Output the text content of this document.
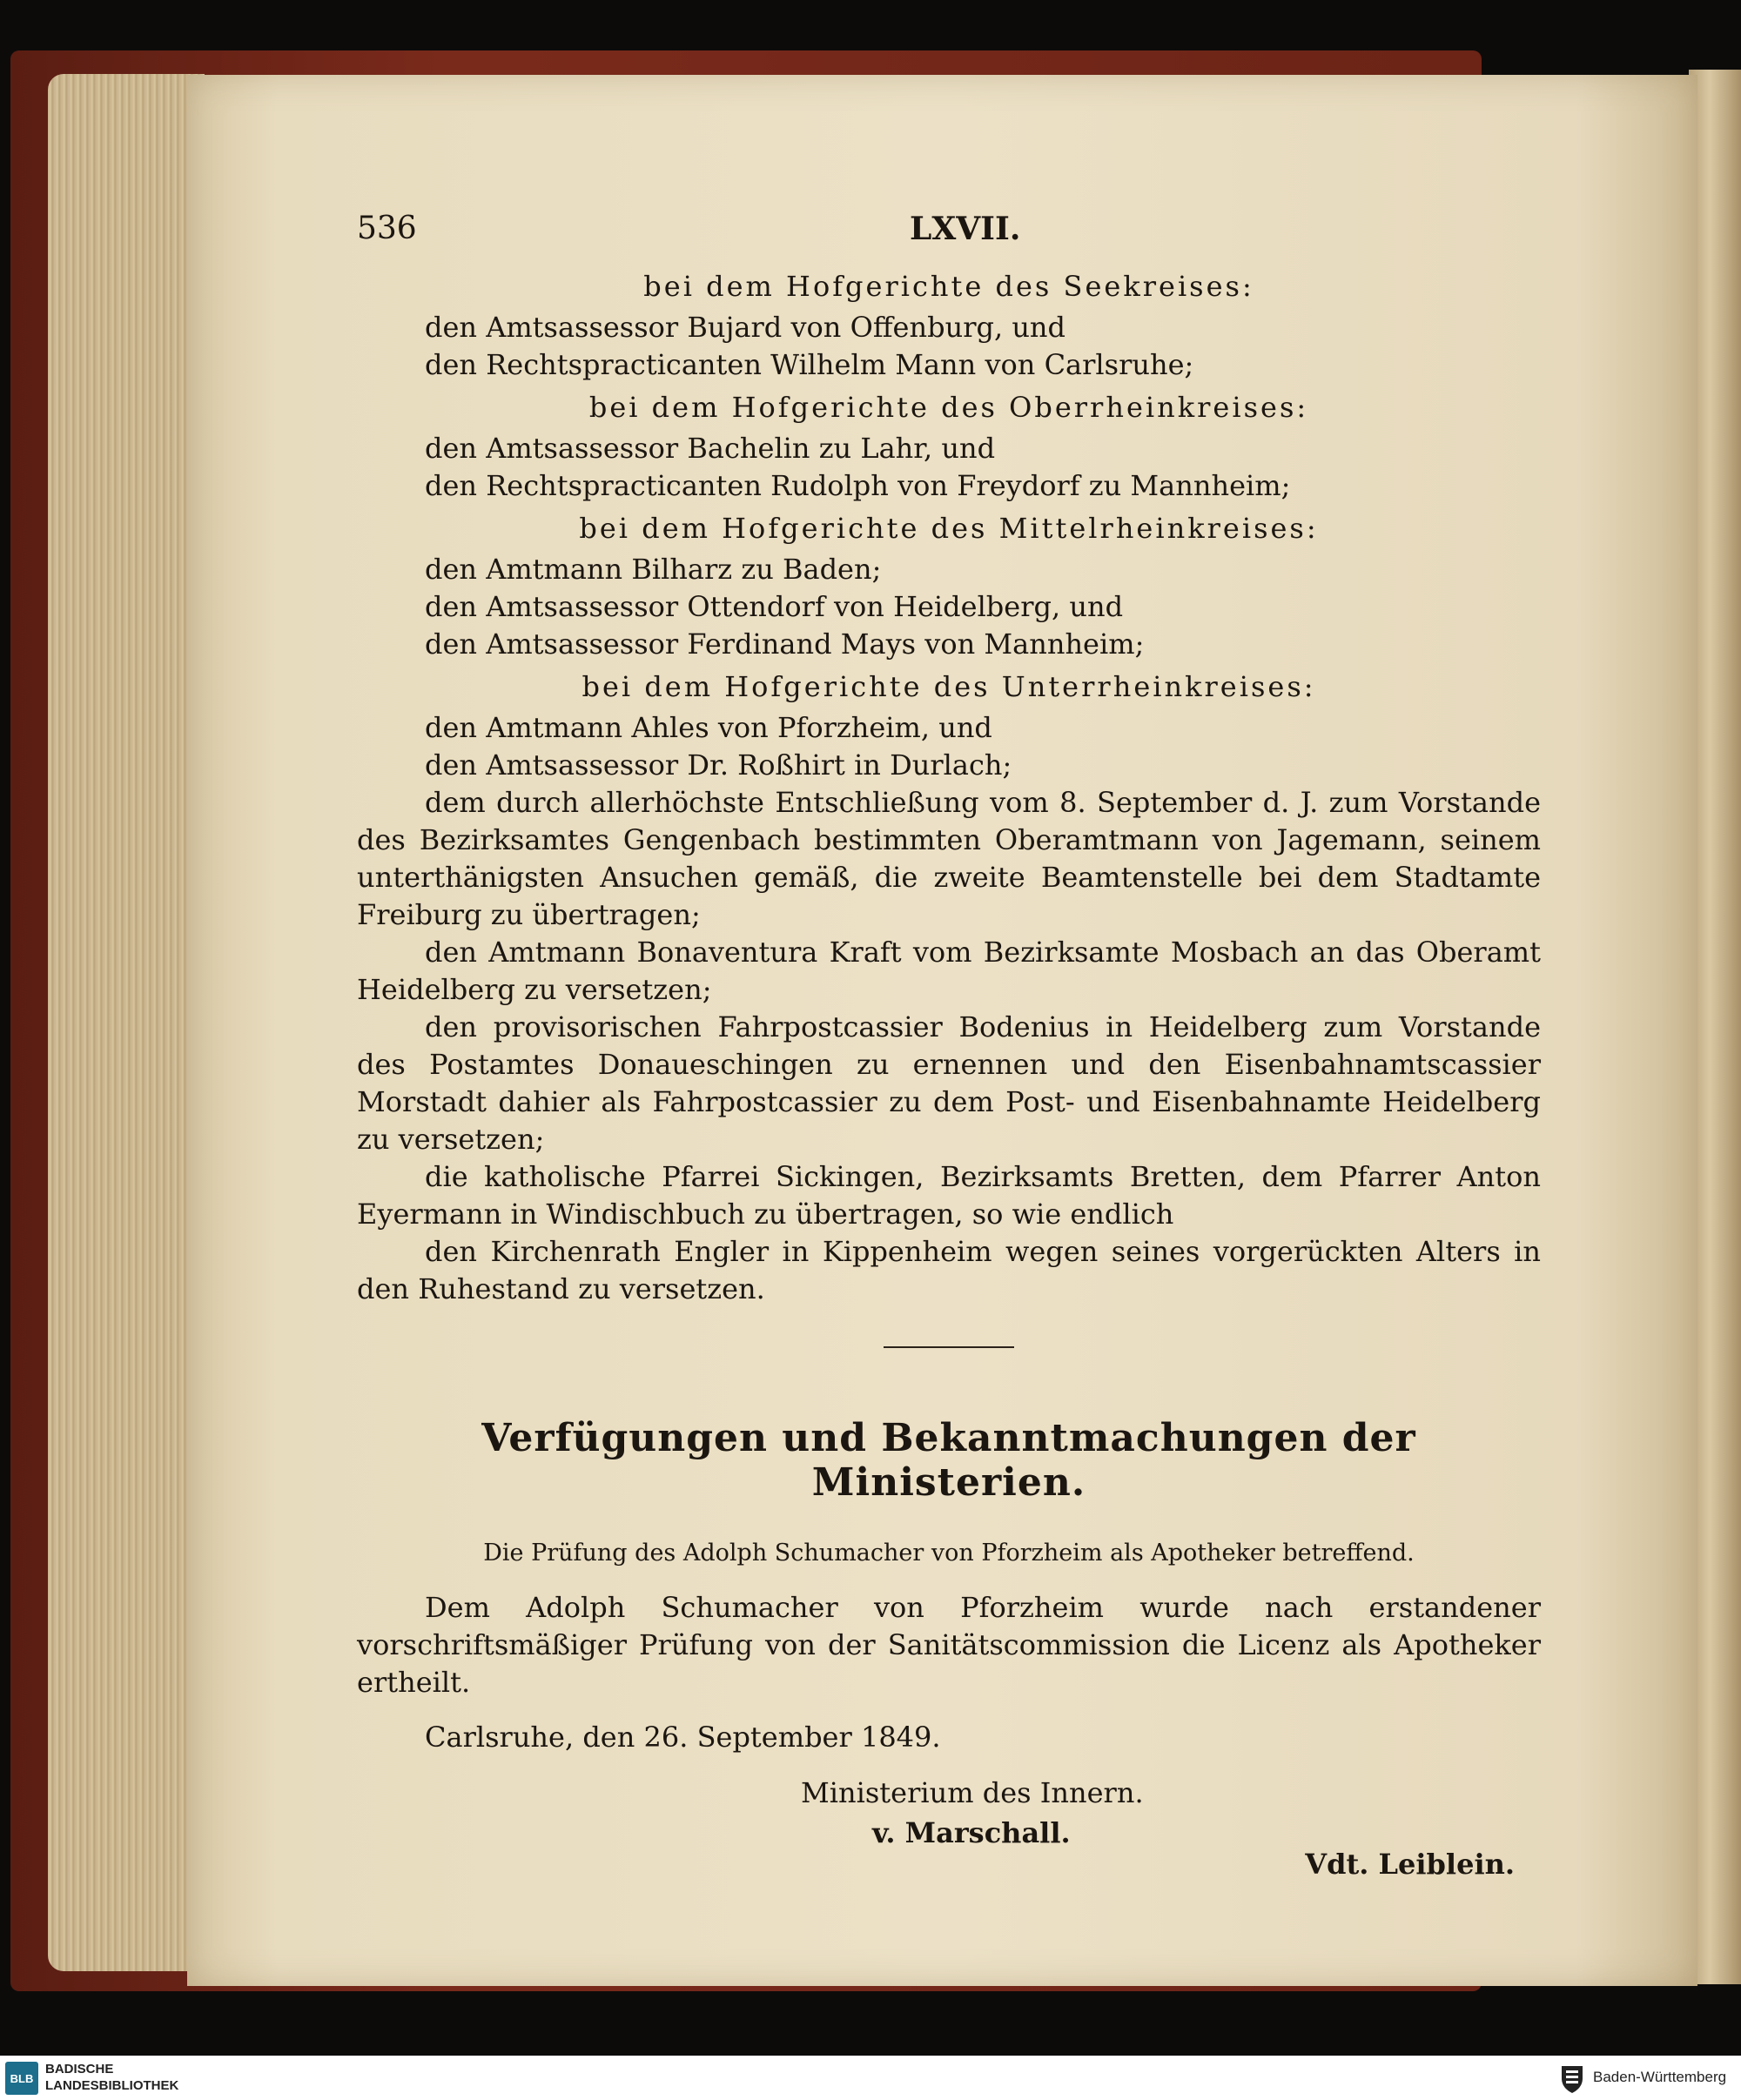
536	LXVII.
bei dem Hofgerichte des Seekreises:
den Amtsassessor Bujard von Offenburg, und
den Rechtspracticanten Wilhelm Mann von Carlsruhe;
bei dem Hofgerichte des Oberrheinkreises:
den Amtsassessor Bachelin zu Lahr, und
den Rechtspracticanten Rudolph von Freydorf zu Mannheim;
bei dem Hofgerichte des Mittelrheinkreises:
den Amtmann Bilharz zu Baden;
den Amtsassessor Ottendorf von Heidelberg, und
den Amtsassessor Ferdinand Mays von Mannheim;
bei dem Hofgerichte des Unterrheinkreises:
den Amtmann Ahles von Pforzheim, und
den Amtsassessor Dr. Roßhirt in Durlach;
dem durch allerhöchste Entschließung vom 8. September d. J. zum Vorstande des Bezirksamtes Gengenbach bestimmten Oberamtmann von Jagemann, seinem unterthänigsten Ansuchen gemäß, die zweite Beamtenstelle bei dem Stadtamte Freiburg zu übertragen;
den Amtmann Bonaventura Kraft vom Bezirksamte Mosbach an das Oberamt Heidelberg zu versetzen;
den provisorischen Fahrpostcassier Bodenius in Heidelberg zum Vorstande des Postamtes Donaueschingen zu ernennen und den Eisenbahnamtscassier Morstadt dahier als Fahrpostcassier zu dem Post- und Eisenbahnamte Heidelberg zu versetzen;
die katholische Pfarrei Sickingen, Bezirksamts Bretten, dem Pfarrer Anton Eyermann in Windischbuch zu übertragen, so wie endlich
den Kirchenrath Engler in Kippenheim wegen seines vorgerückten Alters in den Ruhestand zu versetzen.
Verfügungen und Bekanntmachungen der Ministerien.
Die Prüfung des Adolph Schumacher von Pforzheim als Apotheker betreffend.
Dem Adolph Schumacher von Pforzheim wurde nach erstandener vorschriftsmäßiger Prüfung von der Sanitätscommission die Licenz als Apotheker ertheilt.
Carlsruhe, den 26. September 1849.
Ministerium des Innern.
v. Marschall.
Vdt. Leiblein.
BLB
BADISCHE
LANDESBIBLIOTHEK
Baden-Württemberg
